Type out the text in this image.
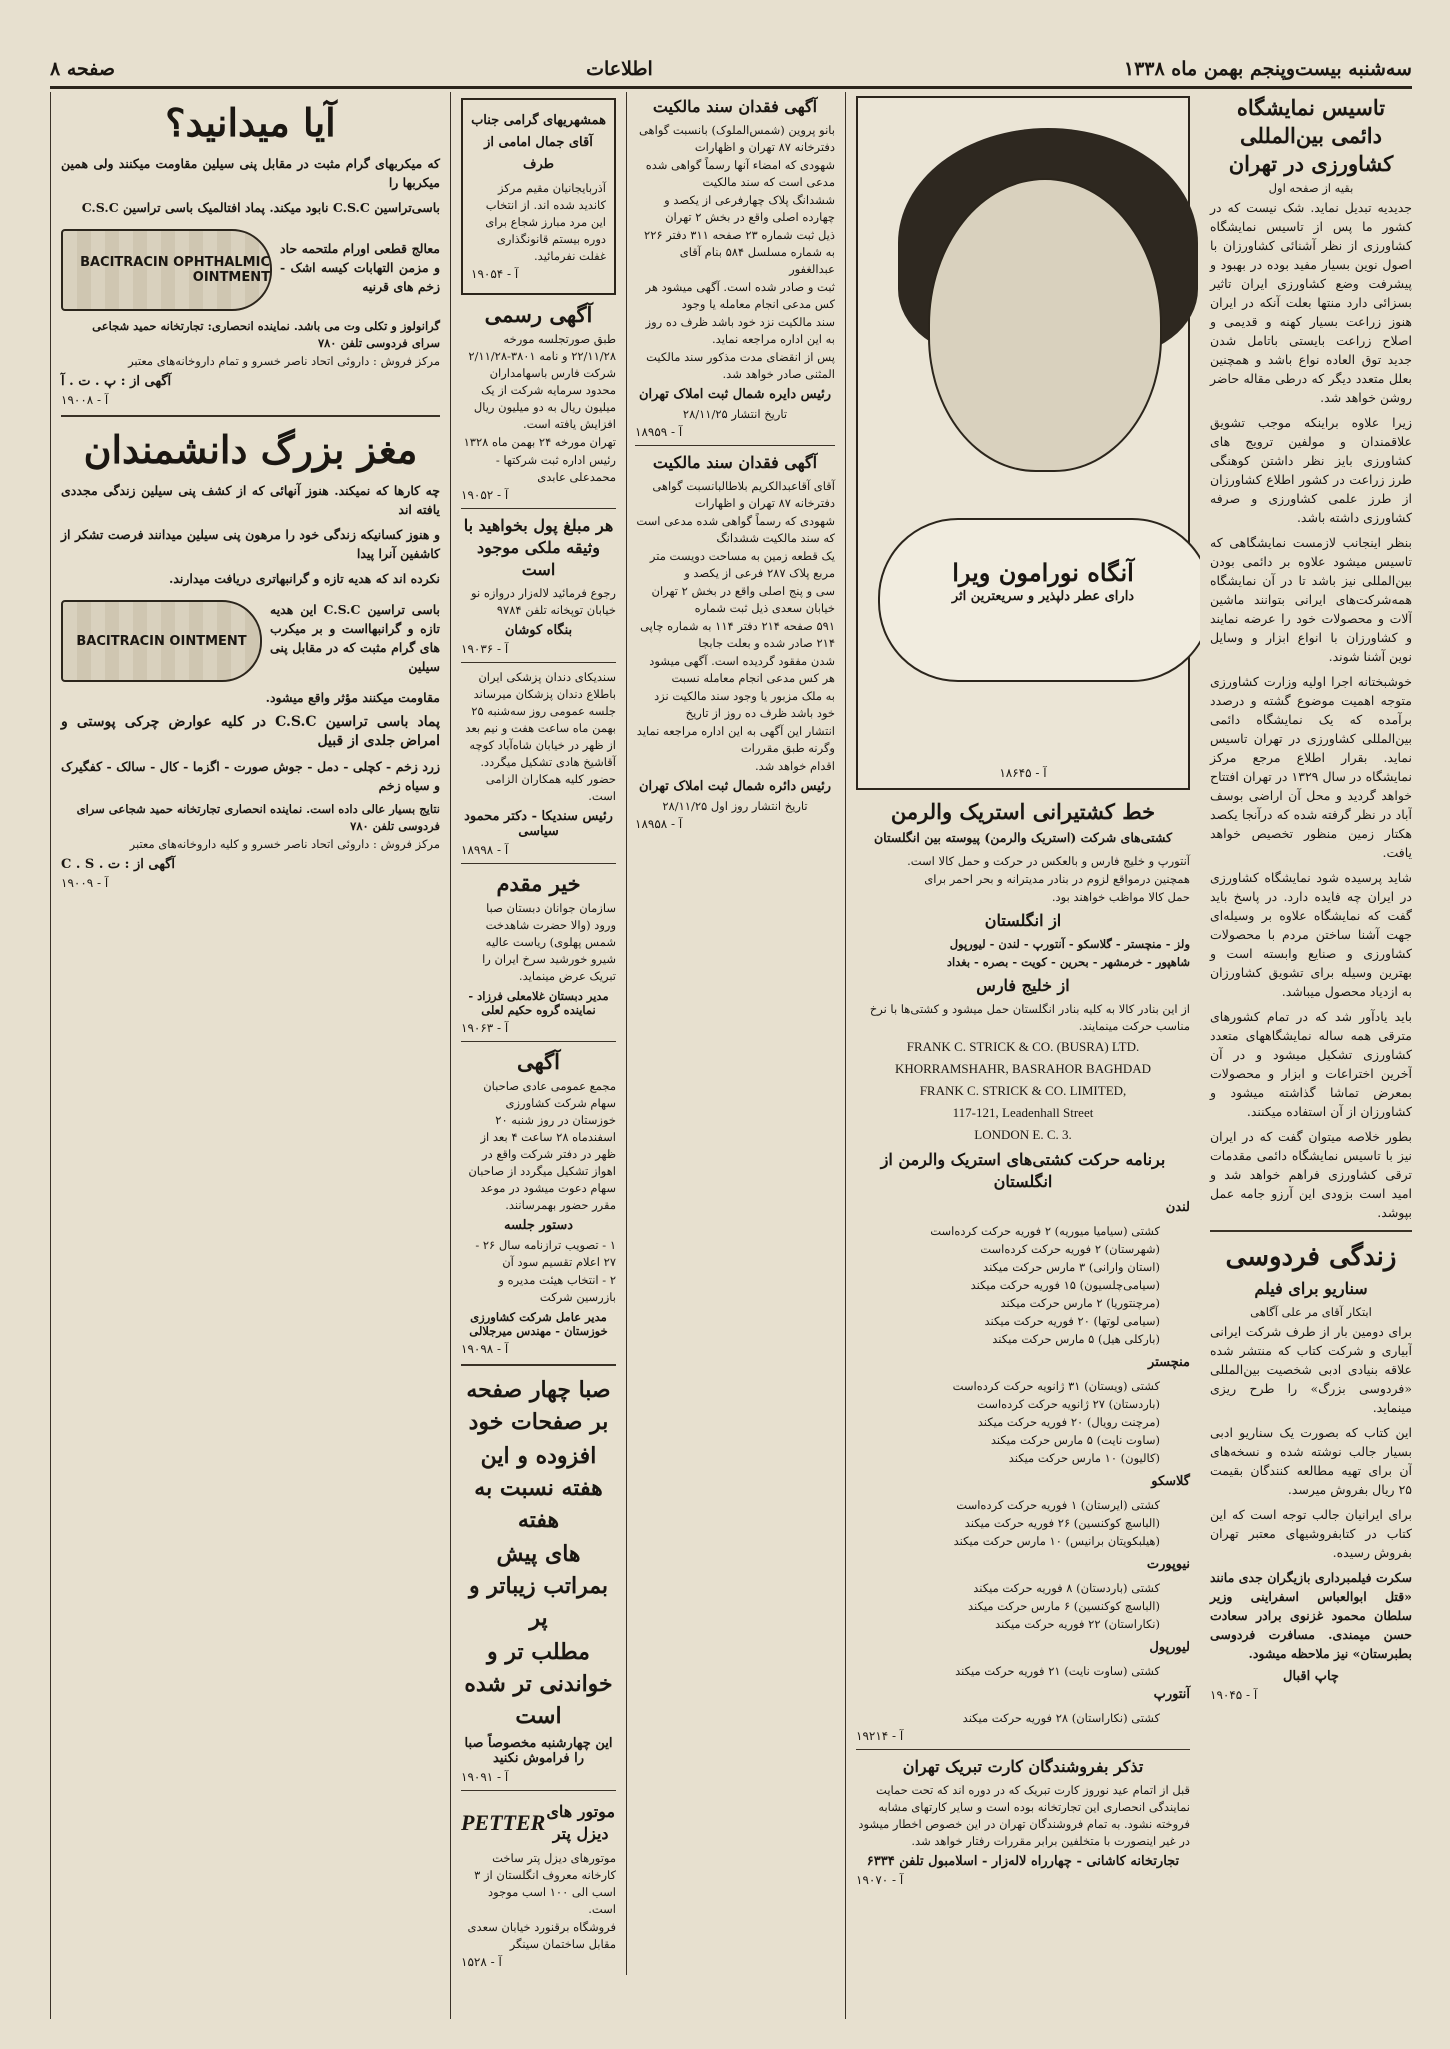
صفحه ۸	اطلاعات	سه‌شنبه بیست‌وپنجم بهمن ماه ۱۳۳۸
تاسیس نمایشگاه دائمی بین‌المللی کشاورزی در تهران
بقیه از صفحه اول

جدیدیه تبدیل نماید. شک نیست که در کشور ما پس از تاسیس نمایشگاه کشاورزی از نظر آشنائی کشاورزان با اصول نوین بسیار مفید بوده در بهبود و پیشرفت وضع کشاورزی ایران تاثیر بسزائی دارد منتها بعلت آنکه در ایران هنوز زراعت بسیار کهنه و قدیمی و اصلاح زراعت بایستی باتامل شدن جدید توق العاده نواع باشد و همچنین بعلل متعدد دیگر که درطی مقاله حاضر روشن خواهد شد.

زیرا علاوه براینکه موجب تشویق علاقمندان و مولفین ترویج های کشاورزی بایز نظر داشتن کوهنگی طرز زراعت در کشور اطلاع کشاورزان از طرز علمی کشاورزی و صرفه کشاورزی داشته باشد.

بنظر اینجانب لازمست نمایشگاهی که تاسیس میشود علاوه بر دائمی بودن بین‌المللی نیز باشد تا در آن نمایشگاه همه‌شرکت‌های ایرانی بتوانند ماشین آلات و محصولات خود را عرضه نمایند و کشاورزان با انواع ابزار و وسایل نوین آشنا شوند.

خوشبختانه اجرا اولیه وزارت کشاورزی متوجه اهمیت موضوع گشته و درصدد برآمده که یک نمایشگاه دائمی بین‌المللی کشاورزی در تهران تاسیس نماید. بقرار اطلاع مرجع مرکز نمایشگاه در سال ۱۳۲۹ در تهران افتتاح خواهد گردید و محل آن اراضی بوسف آباد در نظر گرفته شده که درآنجا یکصد هکتار زمین منظور تخصیص خواهد یافت.

شاید پرسیده شود نمایشگاه کشاورزی در ایران چه فایده دارد. در پاسخ باید گفت که نمایشگاه علاوه بر وسیله‌ای جهت آشنا ساختن مردم با محصولات کشاورزی و صنایع وابسته است و بهترین وسیله برای تشویق کشاورزان به ازدیاد محصول میباشد.

باید یادآور شد که در تمام کشورهای مترقی همه ساله نمایشگاههای متعدد کشاورزی تشکیل میشود و در آن آخرین اختراعات و ابزار و محصولات بمعرض تماشا گذاشته میشود و کشاورزان از آن استفاده میکنند.

بطور خلاصه میتوان گفت که در ایران نیز با تاسیس نمایشگاه دائمی مقدمات ترقی کشاورزی فراهم خواهد شد و امید است بزودی این آرزو جامه عمل بپوشد.

زندگی فردوسی
سناریو برای فیلم
ابتکار آقای مر علی آگاهی

برای دومین بار از طرف شرکت ایرانی آبیاری و شرکت کتاب که منتشر شده علاقه بنیادی ادبی شخصیت بین‌المللی «فردوسی بزرگ» را طرح ریزی مینماید.

این کتاب که بصورت یک سناریو ادبی بسیار جالب نوشته شده و نسخه‌های آن برای تهیه مطالعه کنندگان بقیمت ۲۵ ریال بفروش میرسد.

برای ایرانیان جالب توجه است که این کتاب در کتابفروشیهای معتبر تهران بفروش رسیده.

سکرت فیلمبرداری بازیگران جدی مانند «قتل ابوالعباس اسفراینی وزیر سلطان محمود غزنوی برادر سعادت حسن میمندی. مسافرت فردوسی بطبرستان» نیز ملاحظه میشود.

چاپ اقبال
آ - ۱۹۰۴۵
آنگاه نورامون ویرا
دارای عطر دلپذیر و سریعترین اثر
آ - ۱۸۶۴۵
خط کشتیرانی استریک والرمن

کشتی‌های شرکت (استریک والرمن) پیوسته بین انگلستان

آنتورپ و خلیج فارس و بالعکس در حرکت و حمل کالا است.

همچنین درمواقع لزوم در بنادر مدیترانه و بحر احمر برای

حمل کالا مواظب خواهند بود.

از انگلستان

ولز - منچستر - گلاسکو - آنتورپ - لندن - لیورپول

شاهپور - خرمشهر - بحرین - کویت - بصره - بغداد

از خلیج فارس

از این بنادر کالا به کلیه بنادر انگلستان حمل میشود و کشتی‌ها با نرخ مناسب حرکت مینمایند.

FRANK C. STRICK & CO. (BUSRA) LTD.
KHORRAMSHAHR, BASRAHOR BAGHDAD
FRANK C. STRICK & CO. LIMITED,
117-121, Leadenhall Street
LONDON E. C. 3.
برنامه حرکت کشتی‌های استریک والرمن از انگلستان
لندن

کشتی (سیامیا میوریه) ۲ فوریه حرکت کرده‌است

(شهرستان) ۲ فوریه حرکت کرده‌است

(استان وارانی) ۳ مارس حرکت میکند

(سیامی‌چلسیون) ۱۵ فوریه حرکت میکند

(مرچنتوریا) ۲ مارس حرکت میکند

(سیامی لوتها) ۲۰ فوریه حرکت میکند

(بارکلی هیل) ۵ مارس حرکت میکند

منچستر

کشتی (ویستان) ۳۱ ژانویه حرکت کرده‌است

(باردستان) ۲۷ ژانویه حرکت کرده‌است

(مرچنت رویال) ۲۰ فوریه حرکت میکند

(ساوت نایت) ۵ مارس حرکت میکند

(کالیون) ۱۰ مارس حرکت میکند

گلاسکو

کشتی (ایرستان) ۱ فوریه حرکت کرده‌است

(الباسچ کوکنسین) ۲۶ فوریه حرکت میکند

(هیلبکویتان برانیس) ۱۰ مارس حرکت میکند

نیوپورت

کشتی (باردستان) ۸ فوریه حرکت میکند

(الباسچ کوکنسین) ۶ مارس حرکت میکند

(نکاراستان) ۲۲ فوریه حرکت میکند

لیورپول

کشتی (ساوت نایت) ۲۱ فوریه حرکت میکند

آنتورپ

کشتی (نکاراستان) ۲۸ فوریه حرکت میکند

آ - ۱۹۲۱۴
تذکر بفروشندگان کارت تبریک تهران

قبل از اتمام عید نوروز کارت تبریک که در دوره اند که تحت حمایت نمایندگی انحصاری این تجارتخانه بوده است و سایر کارتهای مشابه فروخته نشود. به تمام فروشندگان تهران در این خصوص اخطار میشود در غیر اینصورت با متخلفین برابر مقررات رفتار خواهد شد.

تجارتخانه کاشانی - چهارراه لاله‌زار - اسلامبول تلفن ۶۳۳۴
آ - ۱۹۰۷۰
آگهی فقدان سند مالکیت

بانو پروین (شمس‌الملوک) بانسبت گواهی دفترخانه ۸۷ تهران و اظهارات

شهودی که امضاء آنها رسماً گواهی شده مدعی است که سند مالکیت

ششدانگ پلاک چهارفرعی از یکصد و چهارده اصلی واقع در بخش ۲ تهران

ذیل ثبت شماره ۲۳ صفحه ۳۱۱ دفتر ۲۲۶ به شماره مسلسل ۵۸۴ بنام آقای عبدالغفور

ثبت و صادر شده است. آگهی میشود هر کس مدعی انجام معامله یا وجود

سند مالکیت نزد خود باشد ظرف ده روز به این اداره مراجعه نماید.

پس از انقضای مدت مذکور سند مالکیت المثنی صادر خواهد شد.

رئیس دایره شمال ثبت املاک تهران
تاریخ انتشار ۲۸/۱۱/۲۵
آ - ۱۸۹۵۹
آگهی فقدان سند مالکیت

آقای آقاعبدالکریم بلاطالبانسبت گواهی دفترخانه ۸۷ تهران و اظهارات

شهودی که رسماً گواهی شده مدعی است که سند مالکیت ششدانگ

یک قطعه زمین به مساحت دویست متر مربع پلاک ۲۸۷ فرعی از یکصد و

سی و پنج اصلی واقع در بخش ۲ تهران خیابان سعدی ذیل ثبت شماره

۵۹۱ صفحه ۲۱۴ دفتر ۱۱۴ به شماره چاپی ۲۱۴ صادر شده و بعلت جابجا

شدن مفقود گردیده است. آگهی میشود هر کس مدعی انجام معامله نسبت

به ملک مزبور یا وجود سند مالکیت نزد خود باشد ظرف ده روز از تاریخ

انتشار این آگهی به این اداره مراجعه نماید وگرنه طبق مقررات

اقدام خواهد شد.

رئیس دائره شمال ثبت املاک تهران
تاریخ انتشار روز اول ۲۸/۱۱/۲۵
آ - ۱۸۹۵۸
همشهریهای گرامی جناب آقای جمال امامی از طرف

آذربایجانیان مقیم مرکز کاندید شده اند. از انتخاب این مرد مبارز شجاع برای دوره بیستم قانونگذاری غفلت نفرمائید.

آ - ۱۹۰۵۴
آگهی رسمی

طبق صورتجلسه مورخه ۲۲/۱۱/۲۸ و نامه ۳۸۰۱-۲/۱۱/۲۸ شرکت فارس باسهامداران محدود سرمایه شرکت از یک میلیون ریال به دو میلیون ریال افزایش یافته است.

تهران مورخه ۲۴ بهمن ماه ۱۳۲۸

رئیس اداره ثبت شرکتها - محمدعلی عابدی

آ - ۱۹۰۵۲
هر مبلغ پول بخواهید با وثیقه ملکی موجود است

رجوع فرمائید لاله‌زار دروازه نو خیابان توپخانه تلفن ۹۷۸۴

بنگاه کوشان
آ - ۱۹۰۳۶

سندیکای دندان پزشکی ایران باطلاع دندان پزشکان میرساند جلسه عمومی روز سه‌شنبه ۲۵ بهمن ماه ساعت هفت و نیم بعد از ظهر در خیابان شاه‌آباد کوچه آقاشیخ هادی تشکیل میگردد. حضور کلیه همکاران الزامی است.

رئیس سندیکا - دکتر محمود سیاسی
آ - ۱۸۹۹۸
خیر مقدم

سازمان جوانان دبستان صبا ورود (والا حضرت شاهدخت شمس پهلوی) ریاست عالیه شیرو خورشید سرخ ایران را تبریک عرض مینماید.

مدیر دبستان غلامعلی فرزاد - نماینده گروه حکیم لعلی
آ - ۱۹۰۶۳
آگهی

مجمع عمومی عادی صاحبان سهام شرکت کشاورزی خوزستان در روز شنبه ۲۰ اسفندماه ۲۸ ساعت ۴ بعد از ظهر در دفتر شرکت واقع در اهواز تشکیل میگردد از صاحبان سهام دعوت میشود در موعد مقرر حضور بهمرسانند.

دستور جلسه

۱ - تصویب ترازنامه سال ۲۶ - ۲۷ اعلام تقسیم سود آن

۲ - انتخاب هیئت مدیره و بازرسین شرکت

مدیر عامل شرکت کشاورزی خوزستان - مهندس میرجلالی
آ - ۱۹۰۹۸
صبا چهار صفحه بر صفحات خود
افزوده و این هفته نسبت به هفته
های پیش بمراتب زیباتر و پر
مطلب تر و خواندنی تر شده است
این چهارشنبه مخصوصاً صبا را فراموش نکنید
آ - ۱۹۰۹۱
موتور های دیزل پتر
PETTER

موتورهای دیزل پتر ساخت کارخانه معروف انگلستان از ۳ اسب الی ۱۰۰ اسب موجود است.

فروشگاه برقنورد خیابان سعدی مقابل ساختمان سینگر

آ - ۱۵۲۸
آیا میدانید؟

که میکربهای گرام مثبت در مقابل پنی سیلین مقاومت میکنند ولی همین میکربها را

باسی‌تراسین C.S.C نابود میکند. پماد افتالمیک باسی تراسین C.S.C

معالج قطعی اورام ملتحمه حاد و مزمن التهابات کیسه اشک - زخم های قرنیه

BACITRACIN OPHTHALMIC OINTMENT

گرانولوز و تکلی وت می باشد. نماینده انحصاری: تجارتخانه حمید شجاعی سرای فردوسی تلفن ۷۸۰

مرکز فروش : داروئی اتحاد ناصر خسرو و تمام داروخانه‌های معتبر

آگهی از : پ . ت . آ
آ - ۱۹۰۰۸
مغز بزرگ دانشمندان

چه کارها که نمیکند. هنوز آنهائی که از کشف پنی سیلین زندگی مجددی یافته اند

و هنوز کسانیکه زندگی خود را مرهون پنی سیلین میدانند فرصت تشکر از کاشفین آنرا پیدا

نکرده اند که هدیه تازه و گرانبهاتری دریافت میدارند.

باسی تراسین C.S.C این هدیه تازه و گرانبهااست و بر میکرب های گرام مثبت که در مقابل پنی سیلین

BACITRACIN OINTMENT

مقاومت میکنند مؤثر واقع میشود.

پماد باسی تراسین C.S.C در کلیه عوارض چرکی پوستی و امراض جلدی از قبیل

زرد زخم - کچلی - دمل - جوش صورت - اگزما - کال - سالک - کفگیرک و سیاه زخم

نتایج بسیار عالی داده است. نماینده انحصاری تجارتخانه حمید شجاعی سرای فردوسی تلفن ۷۸۰

مرکز فروش : داروئی اتحاد ناصر خسرو و کلیه داروخانه‌های معتبر

آگهی از : ت . C . S
آ - ۱۹۰۰۹
